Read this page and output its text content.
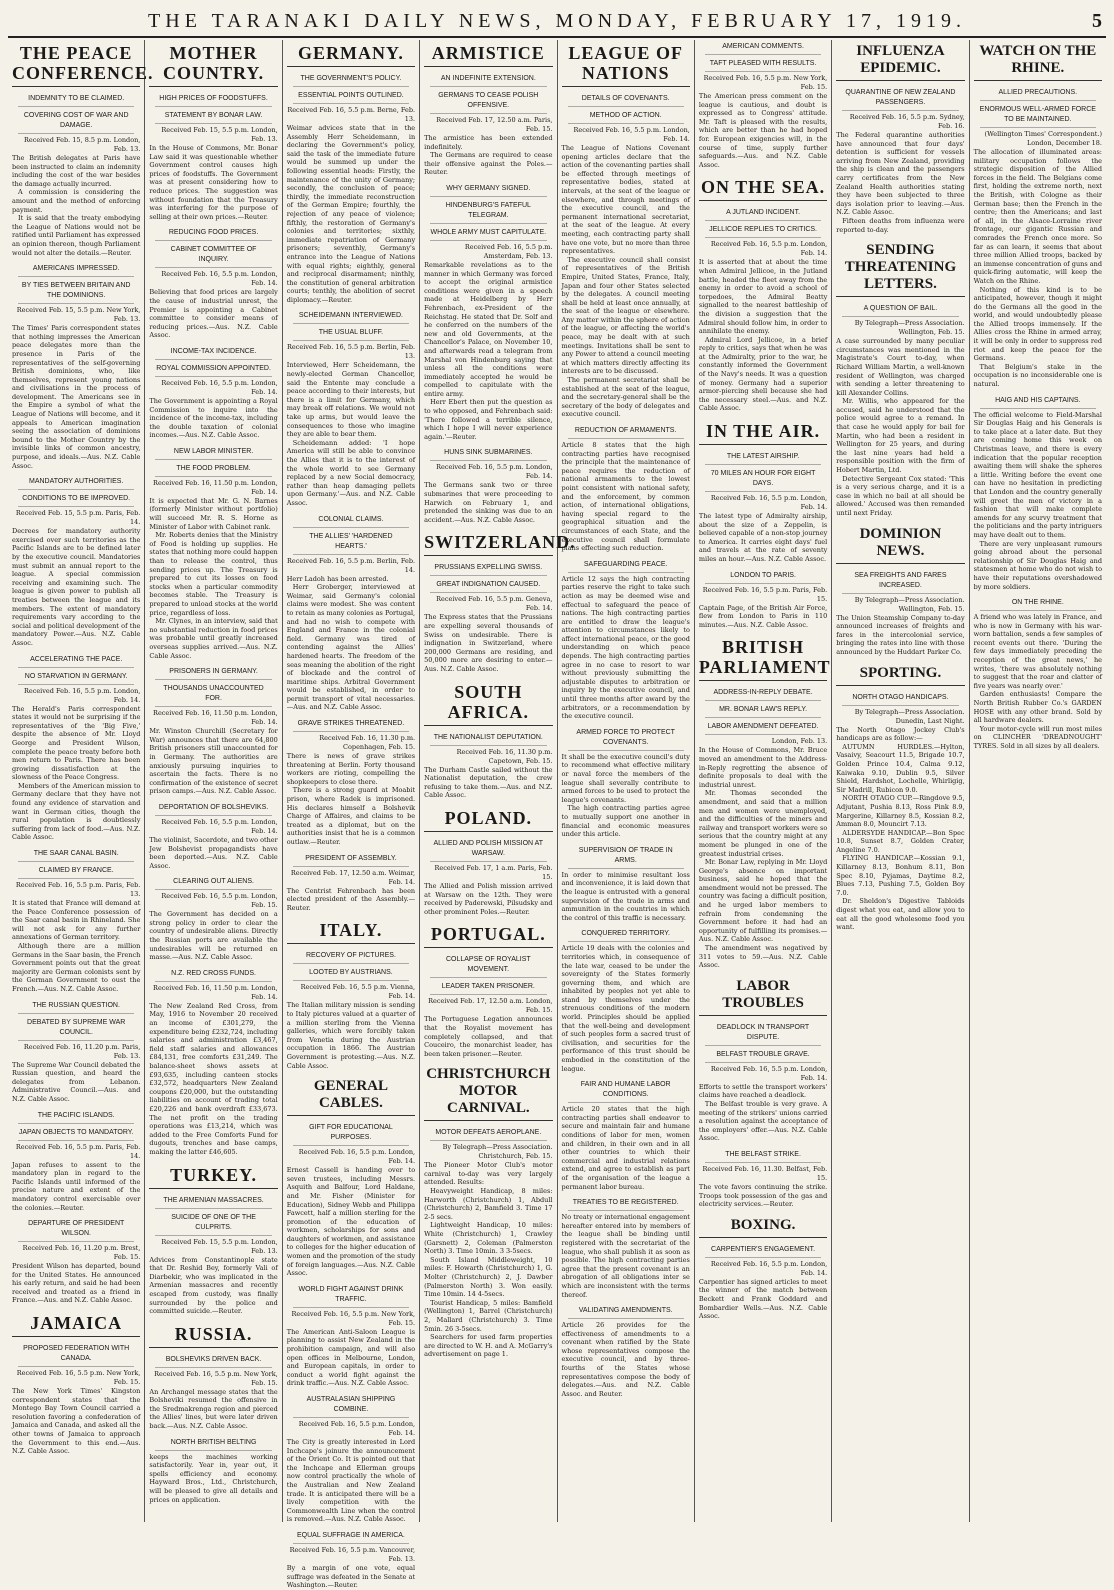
THE TARANAKI DAILY NEWS, MONDAY, FEBRUARY 17, 1919.	5
THE PEACE CONFERENCE.
INDEMNITY TO BE CLAIMED.
COVERING COST OF WAR AND DAMAGE.
Received Feb. 15, 8.5 p.m. London, Feb. 13.

The British delegates at Paris have been instructed to claim an indemnity including the cost of the war besides the damage actually incurred.

A commission is considering the amount and the method of enforcing payment.

It is said that the treaty embodying the League of Nations would not be ratified until Parliament has expressed an opinion thereon, though Parliament would not alter the details.—Reuter.

AMERICANS IMPRESSED.
BY TIES BETWEEN BRITAIN AND THE DOMINIONS.
Received Feb. 15, 5.5 p.m. New York, Feb. 13.

The Times' Paris correspondent states that nothing impresses the American peace delegates more than the presence in Paris of the representatives of the self-governing British dominions, who, like themselves, represent young nations and civilisations in the process of development. The Americans see in the Empire a symbol of what the League of Nations will become, and it appeals to American imagination seeing the association of dominions bound to the Mother Country by the invisible links of common ancestry, purpose, and ideals.—Aus. N.Z. Cable Assoc.

MANDATORY AUTHORITIES.
CONDITIONS TO BE IMPROVED.
Received Feb. 15, 5.5 p.m. Paris, Feb. 14.

Decrees for mandatory authority exercised over such territories as the Pacific Islands are to be defined later by the executive council. Mandatories must submit an annual report to the league. A special commission receiving and examining such. The league is given power to publish all treaties between the league and its members. The extent of mandatory requirements vary according to the social and political development of the mandatory Power.—Aus. N.Z. Cable Assoc.

ACCELERATING THE PACE.
NO STARVATION IN GERMANY.
Received Feb. 16, 5.5 p.m. London, Feb. 14.

The Herald's Paris correspondent states it would not be surprising if the representatives of the 'Big Five,' despite the absence of Mr. Lloyd George and President Wilson, complete the peace treaty before both men return to Paris. There has been growing dissatisfaction at the slowness of the Peace Congress.

Members of the American mission to Germany declare that they have not found any evidence of starvation and want in German cities, though the rural population is doubtlessly suffering from lack of food.—Aus. N.Z. Cable Assoc.

THE SAAR CANAL BASIN.
CLAIMED BY FRANCE.
Received Feb. 16, 5.5 p.m. Paris, Feb. 13.

It is stated that France will demand at the Peace Conference possession of the Saar canal basin in Rhineland. She will not ask for any further annexations of German territory.

Although there are a million Germans in the Saar basin, the French Government points out that the great majority are German colonists sent by the German Government to oust the French.—Aus. N.Z. Cable Assoc.

THE RUSSIAN QUESTION.
DEBATED BY SUPREME WAR COUNCIL.
Received Feb. 16, 11.20 p.m. Paris, Feb. 13.

The Supreme War Council debated the Russian question, and heard the delegates from Lebanon. Administrative Council.—Aus. and N.Z. Cable Assoc.

THE PACIFIC ISLANDS.
JAPAN OBJECTS TO MANDATORY.
Received Feb. 16, 5.5 p.m. Paris, Feb. 14.

Japan refuses to assent to the mandatory plan in regard to the Pacific Islands until informed of the precise nature and extent of the mandatory control exercisable over the colonies.—Reuter.

DEPARTURE OF PRESIDENT WILSON.
Received Feb. 16, 11.20 p.m. Brest, Feb. 15.

President Wilson has departed, bound for the United States. He announced his early return, and said he had been received and treated as a friend in France.—Aus. and N.Z. Cable Assoc.

JAMAICA
PROPOSED FEDERATION WITH CANADA.
Received Feb. 16, 5.5 p.m. New York, Feb. 15.

The New York Times' Kingston correspondent states that the Montego Bay Town Council carried a resolution favoring a confederation of Jamaica and Canada, and asked all the other towns of Jamaica to approach the Government to this end.—Aus. N.Z. Cable Assoc.

MOTHER COUNTRY.
HIGH PRICES OF FOODSTUFFS.
STATEMENT BY BONAR LAW.
Received Feb. 15, 5.5 p.m. London, Feb. 13.

In the House of Commons, Mr. Bonar Law said it was questionable whether Government control causes high prices of foodstuffs. The Government was at present considering how to reduce prices. The suggestion was without foundation that the Treasury was interfering for the purpose of selling at their own prices.—Reuter.

REDUCING FOOD PRICES.
CABINET COMMITTEE OF INQUIRY.
Received Feb. 16, 5.5 p.m. London, Feb. 14.

Believing that food prices are largely the cause of industrial unrest, the Premier is appointing a Cabinet committee to consider means of reducing prices.—Aus. N.Z. Cable Assoc.

INCOME-TAX INCIDENCE.
ROYAL COMMISSION APPOINTED.
Received Feb. 16, 5.5 p.m. London, Feb. 14.

The Government is appointing a Royal Commission to inquire into the incidence of the income-tax, including the double taxation of colonial incomes.—Aus. N.Z. Cable Assoc.

NEW LABOR MINISTER.
THE FOOD PROBLEM.
Received Feb. 16, 11.50 p.m. London, Feb. 14.

It is expected that Mr. G. N. Barnes (formerly Minister without portfolio) will succeed Mr. R. S. Horne as Minister of Labor with Cabinet rank.

Mr. Roberts denies that the Ministry of Food is holding up supplies. He states that nothing more could happen than to release the control, thus sending prices up. The Treasury is prepared to cut its losses on food stocks when a particular commodity becomes stable. The Treasury is prepared to unload stocks at the world price, regardless of loss.

Mr. Clynes, in an interview, said that no substantial reduction in food prices was probable until greatly increased overseas supplies arrived.—Aus. N.Z. Cable Assoc.

PRISONERS IN GERMANY.
THOUSANDS UNACCOUNTED FOR.
Received Feb. 16, 11.50 p.m. London, Feb. 14.

Mr. Winston Churchill (Secretary for War) announces that there are 64,800 British prisoners still unaccounted for in Germany. The authorities are anxiously pursuing inquiries to ascertain the facts. There is no confirmation of the existence of secret prison camps.—Aus. N.Z. Cable Assoc.

DEPORTATION OF BOLSHEVIKS.
Received Feb. 16, 5.5 p.m. London, Feb. 14.

The violinist, Sacerdote, and two other Jew Bolshevist propagandists have been deported.—Aus. N.Z. Cable Assoc.

CLEARING OUT ALIENS.
Received Feb. 16, 5.5 p.m. London, Feb. 15.

The Government has decided on a strong policy in order to clear the country of undesirable aliens. Directly the Russian ports are available the undesirables will be returned en masse.—Aus. N.Z. Cable Assoc.

N.Z. RED CROSS FUNDS.
Received Feb. 16, 11.50 p.m. London, Feb. 14.

The New Zealand Red Cross, from May, 1916 to November 20 received an income of £301,279, the expenditure being £232,724, including salaries and administration £3,467, field staff salaries and allowances £84,131, free comforts £31,249. The balance-sheet shows assets at £93,635, including canteen stocks £32,572, headquarters New Zealand coupons £20,000, but the outstanding liabilities on account of trading total £20,226 and bank overdraft £33,673. The net profit on the trading operations was £13,214, which was added to the Free Comforts Fund for dugouts, trenches and base camps, making the latter £46,605.

TURKEY.
THE ARMENIAN MASSACRES.
SUICIDE OF ONE OF THE CULPRITS.
Received Feb. 15, 5.5 p.m. London, Feb. 13.

Advices from Constantinople state that Dr. Reshid Bey, formerly Vali of Diarbekir, who was implicated in the Armenian massacres and recently escaped from custody, was finally surrounded by the police and committed suicide.—Reuter.

RUSSIA.
BOLSHEVIKS DRIVEN BACK.
Received Feb. 16, 5.5 p.m. New York, Feb. 15.

An Archangel message states that the Bolsheviki resumed the offensive in the Sredmakrenga region and pierced the Allies' lines, but were later driven back.—Aus. N.Z. Cable Assoc.

NORTH BRITISH BELTING

keeps the machines working satisfactorily. Year in, year out, it spells efficiency and economy. Hayward Bros., Ltd., Christchurch, will be pleased to give all details and prices on application.

GERMANY.
THE GOVERNMENT'S POLICY.
ESSENTIAL POINTS OUTLINED.
Received Feb. 16, 5.5 p.m. Berne, Feb. 13.

Weimar advices state that in the Assembly Herr Scheidemann, in declaring the Government's policy, said the task of the immediate future would be summed up under the following essential heads: Firstly, the maintenance of the unity of Germany; secondly, the conclusion of peace; thirdly, the immediate reconstruction of the German Empire; fourthly, the rejection of any peace of violence; fifthly, the restoration of Germany's colonies and territories; sixthly, immediate repatriation of Germany prisoners; seventhly, Germany's entrance into the League of Nations with equal rights; eighthly, general and reciprocal disarmament; ninthly, the constitution of general arbitration courts; tenthly, the abolition of secret diplomacy.—Reuter.

SCHEIDEMANN INTERVIEWED.
THE USUAL BLUFF.
Received Feb. 16, 5.5 p.m. Berlin, Feb. 13.

Interviewed, Herr Scheidemann, the newly-elected German Chancellor, said the Entente may conclude a peace according to their interests, but there is a limit for Germany, which may break off relations. We would not take up arms, but would leave the consequences to those who imagine they are able to bear them.

Scheidemann added: 'I hope America will still be able to convince the Allies that it is to the interest of the whole world to see Germany replaced by a new Social democracy, rather than heap damaging pellets upon Germany.'—Aus. and N.Z. Cable Assoc.

COLONIAL CLAIMS.
THE ALLIES' 'HARDENED HEARTS.'
Received Feb. 16, 5.5 p.m. Berlin, Feb. 14.

Herr Ladoh has been arrested.

Herr Groberger, interviewed at Weimar, said Germany's colonial claims were modest. She was content to retain as many colonies as Portugal, and had no wish to compete with England and France in the colonial field. Germany was tired of contending against the Allies' hardened hearts. The freedom of the seas meaning the abolition of the right of blockade and the control of maritime ships. Arbitral Government would be established, in order to permit transport of vital necessaries.—Aus. and N.Z. Cable Assoc.

GRAVE STRIKES THREATENED.
Received Feb. 16, 11.30 p.m. Copenhagen, Feb. 15.

There is news of grave strikes threatening at Berlin. Forty thousand workers are rioting, compelling the shopkeepers to close there.

There is a strong guard at Moabit prison, where Radek is imprisoned. His declares himself a Bolshevik Charge of Affaires, and claims to be treated as a diplomat, but on the authorities insist that he is a common outlaw.—Reuter.

PRESIDENT OF ASSEMBLY.
Received Feb. 17, 12.50 a.m. Weimar, Feb. 14.

The Centrist Fehrenbach has been elected president of the Assembly.—Reuter.

ITALY.
RECOVERY OF PICTURES.
LOOTED BY AUSTRIANS.
Received Feb. 16, 5.5 p.m. Vienna, Feb. 14.

The Italian military mission is sending to Italy pictures valued at a quarter of a million sterling from the Vienna galleries, which were forcibly taken from Venetia during the Austrian occupation in 1866. The Austrian Government is protesting.—Aus. N.Z. Cable Assoc.

GENERAL CABLES.
GIFT FOR EDUCATIONAL PURPOSES.
Received Feb. 16, 5.5 p.m. London, Feb. 14.

Ernest Cassell is handing over to seven trustees, including Messrs. Asquith and Balfour, Lord Haldane, and Mr. Fisher (Minister for Education), Sidney Webb and Philippa Fawcett, half a million sterling for the promotion of the education of workmen, scholarships for sons and daughters of workmen, and assistance to colleges for the higher education of women and the promotion of the study of foreign languages.—Aus. N.Z. Cable Assoc.

WORLD FIGHT AGAINST DRINK TRAFFIC.
Received Feb. 16, 5.5 p.m. New York, Feb. 15.

The American Anti-Saloon League is planning to assist New Zealand in the prohibition campaign, and will also open offices in Melbourne, London, and European capitals, in order to conduct a world fight against the drink traffic.—Aus. N.Z. Cable Assoc.

AUSTRALASIAN SHIPPING COMBINE.
Received Feb. 16, 5.5 p.m. London, Feb. 14.

The City is greatly interested in Lord Inchcape's joinure the announcement of the Orient Co. It is pointed out that the Inchcape and Ellerman groups now control practically the whole of the Australian and New Zealand trade. It is anticipated there will be a lively competition with the Commonwealth Line when the control is removed.—Aus. N.Z. Cable Assoc.

EQUAL SUFFRAGE IN AMERICA.
Received Feb. 16, 5.5 p.m. Vancouver, Feb. 13.

By a margin of one vote, equal suffrage was defeated in the Senate at Washington.—Reuter.

ARMISTICE
AN INDEFINITE EXTENSION.
GERMANS TO CEASE POLISH OFFENSIVE.
Received Feb. 17, 12.50 a.m. Paris, Feb. 15.

The armistice has been extended indefinitely.

The Germans are required to cease their offensive against the Poles.—Reuter.

WHY GERMANY SIGNED.
HINDENBURG'S FATEFUL TELEGRAM.
WHOLE ARMY MUST CAPITULATE.
Received Feb. 16, 5.5 p.m. Amsterdam, Feb. 13.

Remarkable revelations as to the manner in which Germany was forced to accept the original armistice conditions were given in a speech made at Heidelberg by Herr Fehrenbach, ex-President of the Reichstag. He stated that Dr. Solf and he conferred on the numbers of the new and old Governments, at the Chancellor's Palace, on November 10, and afterwards read a telegram from Marshal von Hindenburg saying that unless all the conditions were immediately accepted he would be compelled to capitulate with the entire army.

Herr Ebert then put the question as to who opposed, and Fehrenbach said: 'There followed a terrible silence, which I hope I will never experience again.'—Reuter.

HUNS SINK SUBMARINES.
Received Feb. 16, 5.5 p.m. London, Feb. 14.

The Germans sank two or three submarines that were proceeding to Harwich on February 1, and pretended the sinking was due to an accident.—Aus. N.Z. Cable Assoc.

SWITZERLAND.
PRUSSIANS EXPELLING SWISS.
GREAT INDIGNATION CAUSED.
Received Feb. 16, 5.5 p.m. Geneva, Feb. 14.

The Express states that the Prussians are expelling several thousands of Swiss on undesirable. There is indignation in Switzerland, where 200,000 Germans are residing, and 50,000 more are desiring to enter.—Aus. N.Z. Cable Assoc.

SOUTH AFRICA.
THE NATIONALIST DEPUTATION.
Received Feb. 16, 11.30 p.m. Capetown, Feb. 15.

The Durham Castle sailed without the Nationalist deputation, the crew refusing to take them.—Aus. and N.Z. Cable Assoc.

POLAND.
ALLIED AND POLISH MISSION AT WARSAW.
Received Feb. 17, 1 a.m. Paris, Feb. 15.

The Allied and Polish mission arrived at Warsaw on the 12th. They were received by Paderewski, Pilsudsky and other prominent Poles.—Reuter.

PORTUGAL.
COLLAPSE OF ROYALIST MOVEMENT.
LEADER TAKEN PRISONER.
Received Feb. 17, 12.50 a.m. London, Feb. 15.

The Portuguese Legation announces that the Royalist movement has completely collapsed, and that Couceiro, the monarchist leader, has been taken prisoner.—Reuter.

CHRISTCHURCH MOTOR CARNIVAL.
MOTOR DEFEATS AEROPLANE.
By Telegraph—Press Association. Christchurch, Feb. 15.

The Pioneer Motor Club's motor carnival to-day was very largely attended. Results:

Heavyweight Handicap, 8 miles: Harworth (Christchurch) 1, Abdull (Christchurch) 2, Bamfield 3. Time 17 2-5 secs.

Lightweight Handicap, 10 miles: White (Christchurch) 1, Crawley (Garsnett) 2, Coleman (Palmerston North) 3. Time 10min. 3 3-5secs.

South Island Middleweight, 10 miles: F. Howarth (Christchurch) 1, G. Molter (Christchurch) 2, J. Dawber (Palmerston North) 3. Won easily. Time 10min. 14 4-5secs.

Tourist Handicap, 5 miles: Bamfield (Wellington) 1, Barrel (Christchurch) 2, Mallard (Christchurch) 3. Time 5min. 26 3-5secs.

Searchers for used farm properties are directed to W. H. and A. McGarry's advertisement on page 1.

LEAGUE OF NATIONS
DETAILS OF COVENANTS.
METHOD OF ACTION.
Received Feb. 16, 5.5 p.m. London, Feb. 14.

The League of Nations Covenant opening articles declare that the action of the covenanting parties shall be effected through meetings of representative bodies, stated at intervals, at the seat of the league or elsewhere, and through meetings of the executive council, and the permanent international secretariat, at the seat of the league. At every meeting, each contracting party shall have one vote, but no more than three representatives.

The executive council shall consist of representatives of the British Empire, United States, France, Italy, Japan and four other States selected by the delegates. A council meeting shall be held at least once annually, at the seat of the league or elsewhere. Any matter within the sphere of action of the league, or affecting the world's peace, may be dealt with at such meetings. Invitations shall be sent to any Power to attend a council meeting at which matters directly affecting its interests are to be discussed.

The permanent secretariat shall be established at the seat of the league, and the secretary-general shall be the secretary of the body of delegates and executive council.

REDUCTION OF ARMAMENTS.

Article 8 states that the high contracting parties have recognised the principle that the maintenance of peace requires the reduction of national armaments to the lowest point consistent with national safety, and the enforcement, by common action, of international obligations, having special regard to the geographical situation and the circumstances of each State, and the executive council shall formulate plans effecting such reduction.

SAFEGUARDING PEACE.

Article 12 says the high contracting parties reserve the right to take such action as may be deemed wise and effectual to safeguard the peace of nations. The high contracting parties are entitled to draw the league's attention to circumstances likely to affect international peace, or the good understanding on which peace depends. The high contracting parties agree in no case to resort to war without previously submitting the adjustable disputes to arbitration or inquiry by the executive council, and until three months after award by the arbitrators, or a recommendation by the executive council.

ARMED FORCE TO PROTECT COVENANTS.

It shall be the executive council's duty to recommend what effective military or naval force the members of the league shall severally contribute to armed forces to be used to protect the league's covenants.

The high contracting parties agree to mutually support one another in financial and economic measures under this article.

SUPERVISION OF TRADE IN ARMS.

In order to minimise resultant loss and inconvenience, it is laid down that the league is entrusted with a general supervision of the trade in arms and ammunition in the countries in which the control of this traffic is necessary.

CONQUERED TERRITORY.

Article 19 deals with the colonies and territories which, in consequence of the late war, ceased to be under the sovereignty of the States formerly governing them, and which are inhabited by peoples not yet able to stand by themselves under the strenuous conditions of the modern world. Principles should be applied that the well-being and development of such peoples form a sacred trust of civilisation, and securities for the performance of this trust should be embodied in the constitution of the league.

FAIR AND HUMANE LABOR CONDITIONS.

Article 20 states that the high contracting parties shall endeavor to secure and maintain fair and humane conditions of labor for men, women and children, in their own and in all other countries to which their commercial and industrial relations extend, and agree to establish as part of the organisation of the league a permanent labor bureau.

TREATIES TO BE REGISTERED.

No treaty or international engagement hereafter entered into by members of the league shall be binding until registered with the secretariat of the league, who shall publish it as soon as possible. The high contracting parties agree that the present covenant is an abrogation of all obligations inter se which are inconsistent with the terms thereof.

VALIDATING AMENDMENTS.

Article 26 provides for the effectiveness of amendments to a covenant when ratified by the State whose representatives compose the executive council, and by three-fourths of the States whose representatives compose the body of delegates.—Aus. and N.Z. Cable Assoc. and Reuter.

AMERICAN COMMENTS.
TAFT PLEASED WITH RESULTS.
Received Feb. 16, 5.5 p.m. New York, Feb. 15.

The American press comment on the league is cautious, and doubt is expressed as to Congress' attitude. Mr. Taft is pleased with the results, which are better than he had hoped for. European exigencies will, in the course of time, supply further safeguards.—Aus. and N.Z. Cable Assoc.

ON THE SEA.
A JUTLAND INCIDENT.
JELLICOE REPLIES TO CRITICS.
Received Feb. 16, 5.5 p.m. London, Feb. 14.

It is asserted that at about the time when Admiral Jellicoe, in the Jutland battle, headed the fleet away from the enemy in order to avoid a school of torpedoes, the Admiral Beatty signalled to the nearest battleship of the division a suggestion that the Admiral should follow him, in order to annihilate the enemy.

Admiral Lord Jellicoe, in a brief reply to critics, says that when he was at the Admiralty, prior to the war, he constantly informed the Government of the Navy's needs. It was a question of money. Germany had a superior armor-piercing shell because she had the necessary steel.—Aus. and N.Z. Cable Assoc.

IN THE AIR.
THE LATEST AIRSHIP.
70 MILES AN HOUR FOR EIGHT DAYS.
Received Feb. 16, 5.5 p.m. London, Feb. 14.

The latest type of Admiralty airship, about the size of a Zeppelin, is believed capable of a non-stop journey to America. It carries eight days' fuel and travels at the rate of seventy miles an hour.—Aus. N.Z. Cable Assoc.

LONDON TO PARIS.
Received Feb. 16, 5.5 p.m. Paris, Feb. 15.

Captain Page, of the British Air Force, flew from London to Paris in 110 minutes.—Aus. N.Z. Cable Assoc.

BRITISH PARLIAMENT
ADDRESS-IN-REPLY DEBATE.
MR. BONAR LAW'S REPLY.
LABOR AMENDMENT DEFEATED.
London, Feb. 13.

In the House of Commons, Mr. Bruce moved an amendment to the Address-in-Reply regretting the absence of definite proposals to deal with the industrial unrest.

Mr. Thomas seconded the amendment, and said that a million men and women were unemployed, and the difficulties of the miners and railway and transport workers were so serious that the country might at any moment be plunged in one of the greatest industrial crises.

Mr. Bonar Law, replying in Mr. Lloyd George's absence on important business, said he hoped that the amendment would not be pressed. The country was facing a difficult position, and he urged labor members to refrain from condemning the Government before it had had an opportunity of fulfilling its promises.—Aus. N.Z. Cable Assoc.

The amendment was negatived by 311 votes to 59.—Aus. N.Z. Cable Assoc.

LABOR TROUBLES
DEADLOCK IN TRANSPORT DISPUTE.
BELFAST TROUBLE GRAVE.
Received Feb. 16, 5.5 p.m. London, Feb. 14.

Efforts to settle the transport workers' claims have reached a deadlock.

The Belfast trouble is very grave. A meeting of the strikers' unions carried a resolution against the acceptance of the employers' offer.—Aus. N.Z. Cable Assoc.

THE BELFAST STRIKE.
Received Feb. 16, 11.30. Belfast, Feb. 15.

The vote favors continuing the strike. Troops took possession of the gas and electricity services.—Reuter.

BOXING.
CARPENTIER'S ENGAGEMENT.
Received Feb. 16, 5.5 p.m. London, Feb. 14.

Carpentier has signed articles to meet the winner of the match between Beckett and Frank Goddard and Bombardier Wells.—Aus. N.Z. Cable Assoc.

INFLUENZA EPIDEMIC.
QUARANTINE OF NEW ZEALAND PASSENGERS.
Received Feb. 16, 5.5 p.m. Sydney, Feb. 16.

The Federal quarantine authorities have announced that four days' detention is sufficient for vessels arriving from New Zealand, providing the ship is clean and the passengers carry certificates from the New Zealand Health authorities stating they have been subjected to three days isolation prior to leaving.—Aus. N.Z. Cable Assoc.

Fifteen deaths from influenza were reported to-day.

SENDING THREATENING LETTERS.
A QUESTION OF BAIL.
By Telegraph—Press Association. Wellington, Feb. 15.

A case surrounded by many peculiar circumstances was mentioned in the Magistrate's Court to-day, when Richard William Martin, a well-known resident of Wellington, was charged with sending a letter threatening to kill Alexander Collins.

Mr. Willis, who appeared for the accused, said he understood that the police would agree to a remand. In that case he would apply for bail for Martin, who had been a resident in Wellington for 25 years, and during the last nine years had held a responsible position with the firm of Hobert Martin, Ltd.

Detective Sergeant Cox stated: 'This is a very serious charge, and it is a case in which no bail at all should be allowed.' Accused was then remanded until next Friday.

DOMINION NEWS.
SEA FREIGHTS AND FARES INCREASED.
By Telegraph—Press Association. Wellington, Feb. 15.

The Union Steamship Company to-day announced increases of freights and fares in the intercolonial service, bringing the rates into line with those announced by the Huddart Parker Co.

SPORTING.
NORTH OTAGO HANDICAPS.
By Telegraph—Press Association. Dunedin, Last Night.

The North Otago Jockey Club's handicaps are as follow:—

AUTUMN HURDLES.—Hylton, Vasaivy, Seacourt 11.5, Brigade 10.7, Golden Prince 10.4, Calma 9.12, Kaiwaka 9.10, Dublin 9.5, Silver Shield, Hardshot, Lochelle, Whirligig, Sir Madrill, Rubicon 9.0.

NORTH OTAGO CUP.—Ringdove 9.5, Adjutant, Pushia 8.13, Ross Pink 8.9, Margerine, Killarney 8.5, Kossian 8.2, Amman 8.0, Mouncirt 7.13.

ALDERSYDE HANDICAP.—Bon Spec 10.8, Sunset 8.7, Golden Crater, Angeline 7.0.

FLYING HANDICAP.—Kossian 9.1, Killarney 8.13, Bonhum 8.11, Bon Spec 8.10, Pyjamas, Daytime 8.2, Blues 7.13, Pushing 7.5, Golden Boy 7.0.

Dr. Sheldon's Digestive Tabloids digest what you eat, and allow you to eat all the good wholesome food you want.

WATCH ON THE RHINE.
ALLIED PRECAUTIONS.
ENORMOUS WELL-ARMED FORCE TO BE MAINTAINED.
(Wellington Times' Correspondent.) London, December 18.

The allocation of illuminated areas: military occupation follows the strategic disposition of the Allied forces in the field. The Belgians come first, holding the extreme north, next the British, with Cologne as their German base; then the French in the centre; then the Americans; and last of all, in the Alsace-Lorraine river frontage, our gigantic Russian and comrades the French once more. So far as can learn, it seems that about three million Allied troops, backed by an immense concentration of guns and quick-firing automatic, will keep the Watch on the Rhine.

Nothing of this kind is to be anticipated, however, though it might do the Germans all the good in the world, and would undoubtedly please the Allied troops immensely. If the Allies cross the Rhine in armed array, it will be only in order to suppress red riot and keep the peace for the Germans.

That Belgium's stake in the occupation is no inconsiderable one is natural.

HAIG AND HIS CAPTAINS.

The official welcome to Field-Marshal Sir Douglas Haig and his Generals is to take place at a later date. But they are coming home this week on Christmas leave, and there is every indication that the popular reception awaiting them will shake the spheres a little. Writing before the event one can have no hesitation in predicting that London and the country generally will greet the men of victory in a fashion that will make complete amends for any scurvy treatment that the politicians and the party intriguers may have dealt out to them.

There are very unpleasant rumours going abroad about the personal relationship of Sir Douglas Haig and statesmen at home who do not wish to have their reputations overshadowed by more soldiers.

ON THE RHINE.

A friend who was lately in France, and who is now in Germany with his war-worn battalion, sends a few samples of recent events out there. 'During the few days immediately preceding the reception of the great news,' he writes, 'there was absolutely nothing to suggest that the roar and clatter of five years was nearly over.'

Garden enthusiasts! Compare the North British Rubber Co.'s GARDEN HOSE with any other brand. Sold by all hardware dealers.

Your motor-cycle will run most miles on CLINCHER 'DREADNOUGHT' TYRES. Sold in all sizes by all dealers.
